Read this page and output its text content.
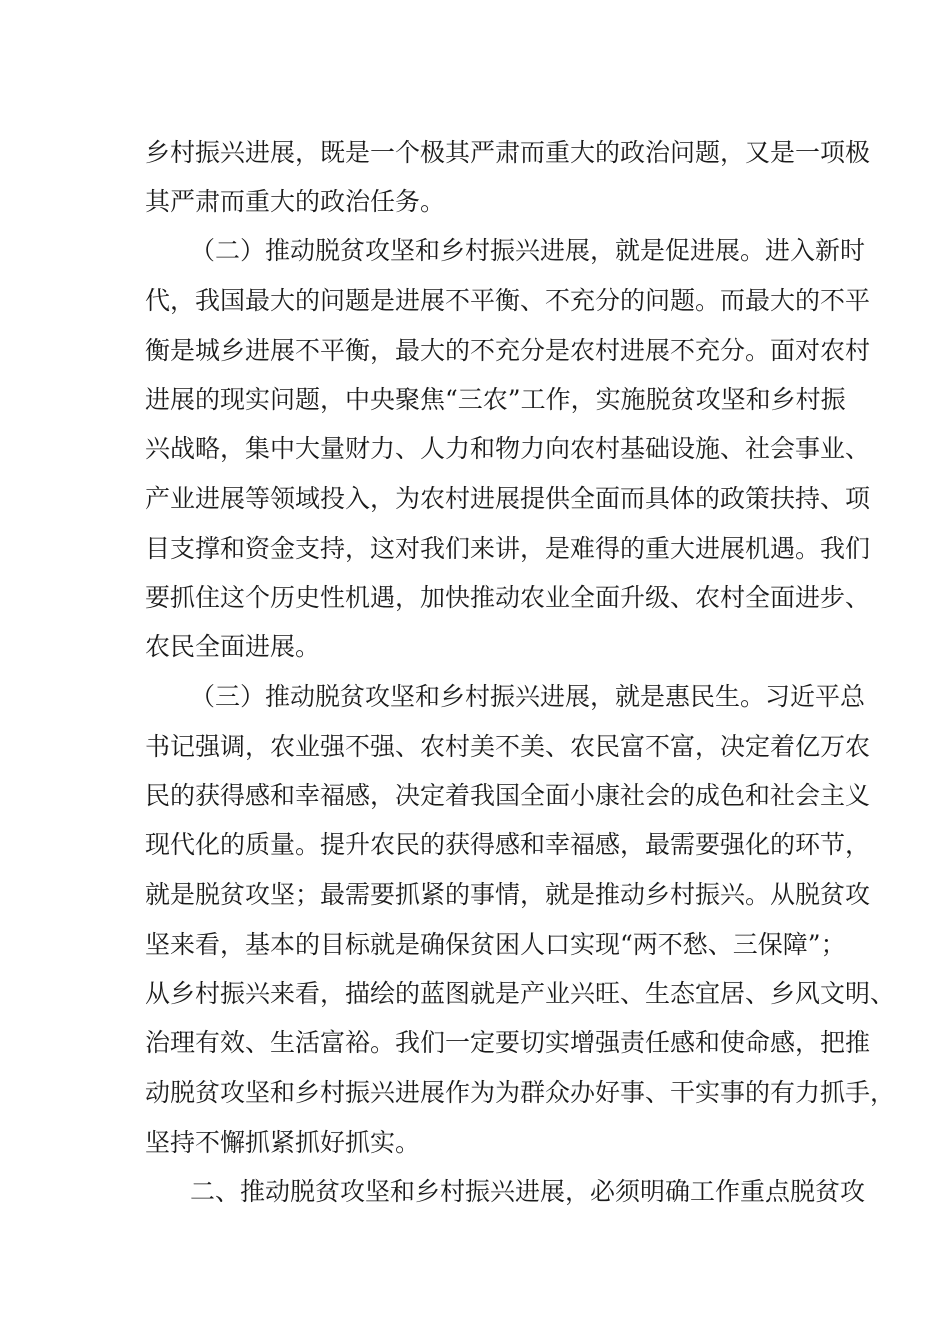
乡村振兴进展，既是一个极其严肃而重大的政治问题，又是一项极

其严肃而重大的政治任务。

（二）推动脱贫攻坚和乡村振兴进展，就是促进展。进入新时

代，我国最大的问题是进展不平衡、不充分的问题。而最大的不平

衡是城乡进展不平衡，最大的不充分是农村进展不充分。面对农村

进展的现实问题，中央聚焦“三农”工作，实施脱贫攻坚和乡村振

兴战略，集中大量财力、人力和物力向农村基础设施、社会事业、

产业进展等领域投入，为农村进展提供全面而具体的政策扶持、项

目支撑和资金支持，这对我们来讲，是难得的重大进展机遇。我们

要抓住这个历史性机遇，加快推动农业全面升级、农村全面进步、

农民全面进展。

（三）推动脱贫攻坚和乡村振兴进展，就是惠民生。习近平总

书记强调，农业强不强、农村美不美、农民富不富，决定着亿万农

民的获得感和幸福感，决定着我国全面小康社会的成色和社会主义

现代化的质量。提升农民的获得感和幸福感，最需要强化的环节，

就是脱贫攻坚；最需要抓紧的事情，就是推动乡村振兴。从脱贫攻

坚来看，基本的目标就是确保贫困人口实现“两不愁、三保障”；

从乡村振兴来看，描绘的蓝图就是产业兴旺、生态宜居、乡风文明、

治理有效、生活富裕。我们一定要切实增强责任感和使命感，把推

动脱贫攻坚和乡村振兴进展作为为群众办好事、干实事的有力抓手，

坚持不懈抓紧抓好抓实。

二、推动脱贫攻坚和乡村振兴进展，必须明确工作重点脱贫攻
